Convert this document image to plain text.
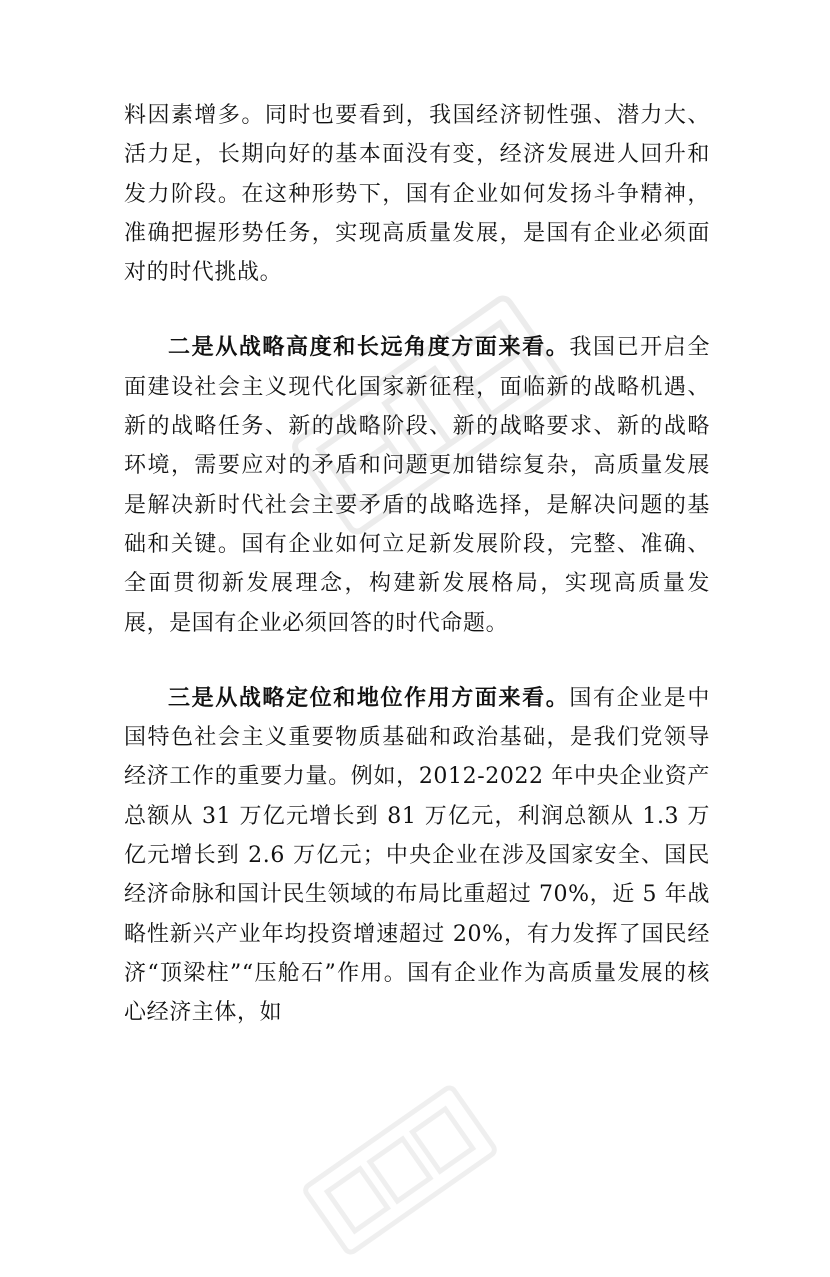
料因素增多。同时也要看到，我国经济韧性强、潜力大、活力足，长期向好的基本面没有变，经济发展进人回升和发力阶段。在这种形势下，国有企业如何发扬斗争精神，准确把握形势任务，实现高质量发展，是国有企业必须面对的时代挑战。

二是从战略高度和长远角度方面来看。我国已开启全面建设社会主义现代化国家新征程，面临新的战略机遇、新的战略任务、新的战略阶段、新的战略要求、新的战略环境，需要应对的矛盾和问题更加错综复杂，高质量发展是解决新时代社会主要矛盾的战略选择，是解决问题的基础和关键。国有企业如何立足新发展阶段，完整、准确、全面贯彻新发展理念，构建新发展格局，实现高质量发展，是国有企业必须回答的时代命题。

三是从战略定位和地位作用方面来看。国有企业是中国特色社会主义重要物质基础和政治基础，是我们党领导经济工作的重要力量。例如，2012-2022 年中央企业资产总额从 31 万亿元增长到 81 万亿元，利润总额从 1.3 万亿元增长到 2.6 万亿元；中央企业在涉及国家安全、国民经济命脉和国计民生领域的布局比重超过 70%，近 5 年战略性新兴产业年均投资增速超过 20%，有力发挥了国民经济“顶梁柱”“压舱石”作用。国有企业作为高质量发展的核心经济主体，如
